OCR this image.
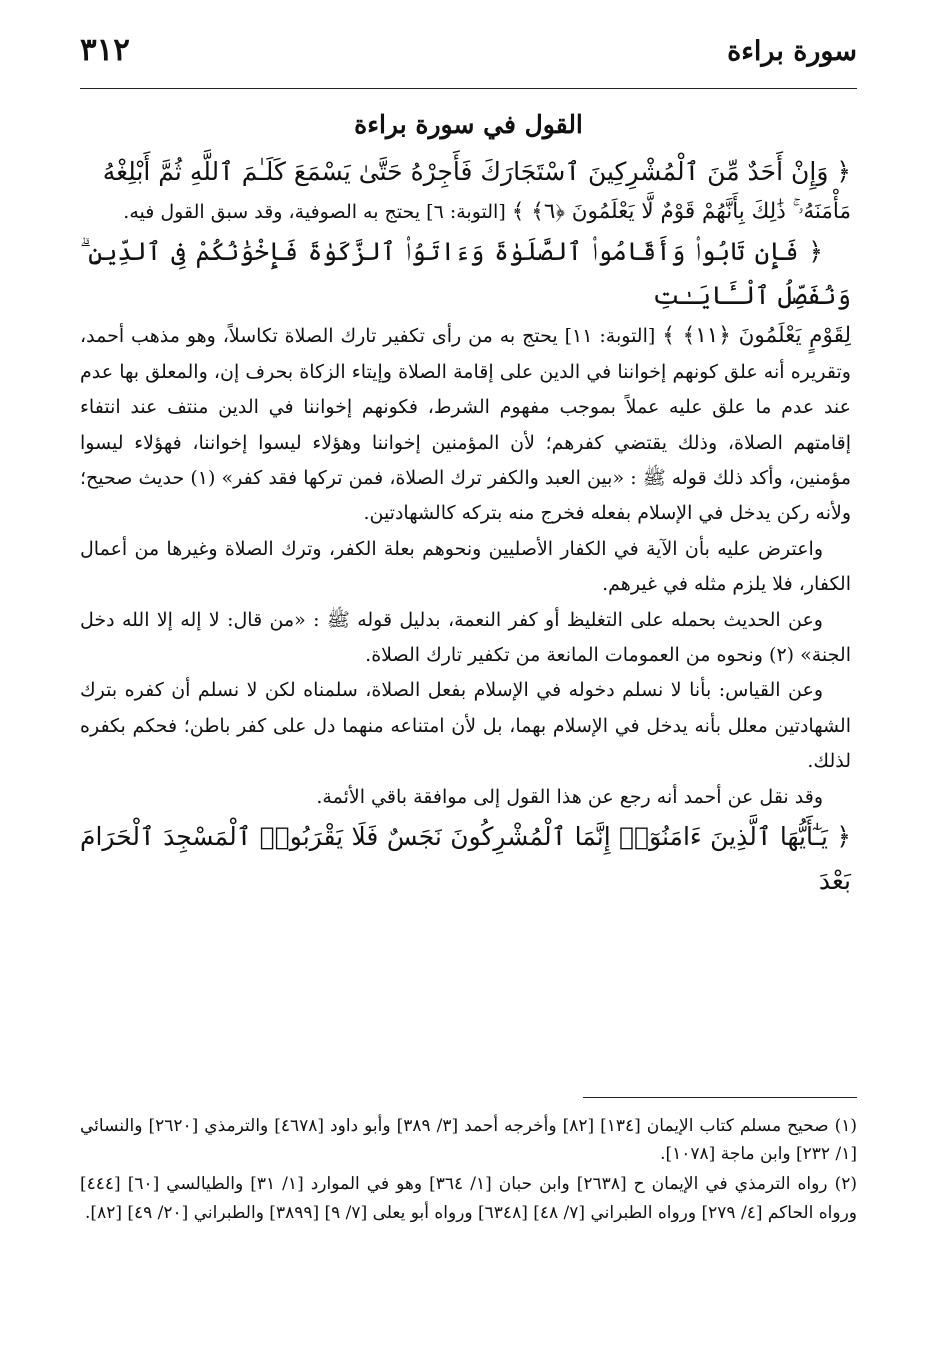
سورة براءة
٣١٢
القول في سورة براءة

﴿ وَإِنْ أَحَدٌ مِّنَ ٱلْمُشْرِكِينَ ٱسْتَجَارَكَ فَأَجِرْهُ حَتَّىٰ يَسْمَعَ كَلَـٰمَ ٱللَّهِ ثُمَّ أَبْلِغْهُ

مَأْمَنَهُۥ ۚ ذَٰلِكَ بِأَنَّهُمْ قَوْمٌ لَّا يَعْلَمُونَ ﴿٦﴾ ﴾ [التوبة: ٦] يحتج به الصوفية، وقد سبق القول فيه.

﴿ فَإِن تَابُوا۟ وَأَقَامُوا۟ ٱلصَّلَوٰةَ وَءَاتَوُا۟ ٱلزَّكَوٰةَ فَإِخْوَٰنُكُمْ فِى ٱلدِّينِ ۗ وَنُفَصِّلُ ٱلْـَٔايَـٰتِ

لِقَوْمٍ يَعْلَمُونَ ﴿١١﴾ ﴾ [التوبة: ١١] يحتج به من رأى تكفير تارك الصلاة تكاسلاً، وهو مذهب أحمد، وتقريره أنه علق كونهم إخواننا في الدين على إقامة الصلاة وإيتاء الزكاة بحرف إن، والمعلق بها عدم عند عدم ما علق عليه عملاً بموجب مفهوم الشرط، فكونهم إخواننا في الدين منتف عند انتفاء إقامتهم الصلاة، وذلك يقتضي كفرهم؛ لأن المؤمنين إخواننا وهؤلاء ليسوا إخواننا، فهؤلاء ليسوا مؤمنين، وأكد ذلك قوله ﷺ : «بين العبد والكفر ترك الصلاة، فمن تركها فقد كفر» (١) حديث صحيح؛ ولأنه ركن يدخل في الإسلام بفعله فخرج منه بتركه كالشهادتين.

واعترض عليه بأن الآية في الكفار الأصليين ونحوهم بعلة الكفر، وترك الصلاة وغيرها من أعمال الكفار، فلا يلزم مثله في غيرهم.

وعن الحديث بحمله على التغليظ أو كفر النعمة، بدليل قوله ﷺ : «من قال: لا إله إلا الله دخل الجنة» (٢) ونحوه من العمومات المانعة من تكفير تارك الصلاة.

وعن القياس: بأنا لا نسلم دخوله في الإسلام بفعل الصلاة، سلمناه لكن لا نسلم أن كفره بترك الشهادتين معلل بأنه يدخل في الإسلام بهما، بل لأن امتناعه منهما دل على كفر باطن؛ فحكم بكفره لذلك.

وقد نقل عن أحمد أنه رجع عن هذا القول إلى موافقة باقي الأئمة.

﴿ يَـٰٓأَيُّهَا ٱلَّذِينَ ءَامَنُوٓا۟ إِنَّمَا ٱلْمُشْرِكُونَ نَجَسٌ فَلَا يَقْرَبُوا۟ ٱلْمَسْجِدَ ٱلْحَرَامَ بَعْدَ

(١) صحيح مسلم كتاب الإيمان [١٣٤] [٨٢] وأخرجه أحمد [٣/ ٣٨٩] وأبو داود [٤٦٧٨] والترمذي [٢٦٢٠] والنسائي [١/ ٢٣٢] وابن ماجة [١٠٧٨].

(٢) رواه الترمذي في الإيمان ح [٢٦٣٨] وابن حبان [١/ ٣٦٤] وهو في الموارد [١/ ٣١] والطيالسي [٦٠] [٤٤٤] ورواه الحاكم [٤/ ٢٧٩] ورواه الطبراني [٧/ ٤٨] [٦٣٤٨] ورواه أبو يعلى [٧/ ٩] [٣٨٩٩] والطبراني [٢٠/ ٤٩] [٨٢].
